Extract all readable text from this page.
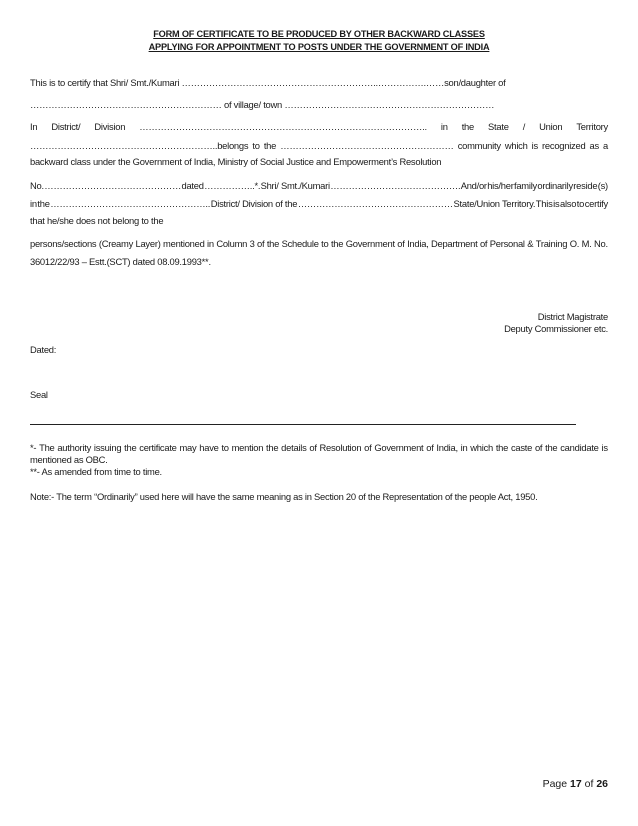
FORM OF CERTIFICATE TO BE PRODUCED BY OTHER BACKWARD CLASSES
APPLYING FOR APPOINTMENT TO POSTS UNDER THE GOVERNMENT OF INDIA
This is to certify that Shri/ Smt./Kumari ………………………………………………………..…………….……son/daughter of
……………………………………………………… of village/ town ……………………………………………………………
In District/ Division ………………………………………………………………………………….. in the State / Union Territory
……………………………………………………..belongs to the ………………………………………………… community which is recognized as a
backward class under the Government of India, Ministry of Social Justice and Empowerment’s Resolution
No. ……………………………………… dated ……………..*. Shri/ Smt./Kumari ……………………………………. And/or his/her family ordinarily reside (s)
in the …………………………………………….. District/ Division of the …………………………………………… State/Union Territory. This is also to certify
that he/she does not belong to the
persons/sections (Creamy Layer) mentioned in Column 3 of the Schedule to the Government of India, Department of Personal & Training O. M. No.
36012/22/93 – Estt.(SCT) dated 08.09.1993**.
District Magistrate
Deputy Commissioner etc.
Dated:
Seal
*- The authority issuing the certificate may have to mention the details of Resolution of Government of India, in which the caste of the candidate is
mentioned as OBC.
**- As amended from time to time.
Note:- The term “Ordinarily” used here will have the same meaning as in Section 20 of the Representation of the people Act, 1950.
Page 17 of 26
